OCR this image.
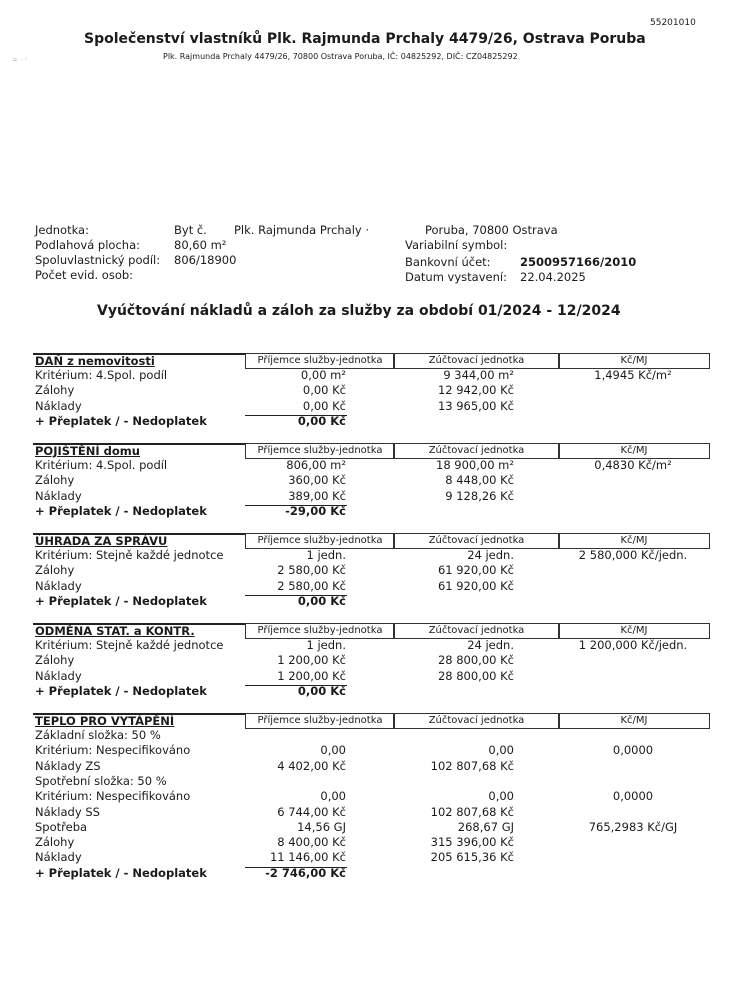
55201010
Společenství vlastníků Plk. Rajmunda Prchaly 4479/26, Ostrava Poruba
Plk. Rajmunda Prchaly 4479/26, 70800 Ostrava Poruba, IČ: 04825292, DIČ: CZ04825292
= · ᐟ
Jednotka:	Byt č. Plk. Rajmunda Prchaly ·
Podlahová plocha:	80,60 m²
Spoluvlastnický podíl: 806/18900
Počet evid. osob:
Poruba, 70800 Ostrava
Variabilní symbol:
Bankovní účet:	2500957166/2010
Datum vystavení: 22.04.2025
Vyúčtování nákladů a záloh za služby za období 01/2024 - 12/2024
DAŇ z nemovitosti	Příjemce služby-jednotka	Zúčtovací jednotka	Kč/MJ
Kritérium: 4.Spol. podíl	0,00 m²	9 344,00 m²	1,4945 Kč/m²
Zálohy	0,00 Kč	12 942,00 Kč
Náklady	0,00 Kč	13 965,00 Kč
+ Přeplatek / - Nedoplatek	0,00 Kč
POJIŠTĚNÍ domu	Příjemce služby-jednotka	Zúčtovací jednotka	Kč/MJ
Kritérium: 4.Spol. podíl	806,00 m²	18 900,00 m²	0,4830 Kč/m²
Zálohy	360,00 Kč	8 448,00 Kč
Náklady	389,00 Kč	9 128,26 Kč
+ Přeplatek / - Nedoplatek	-29,00 Kč
ÚHRADA ZA SPRÁVU	Příjemce služby-jednotka	Zúčtovací jednotka	Kč/MJ
Kritérium: Stejně každé jednotce	1 jedn.	24 jedn.	2 580,000 Kč/jedn.
Zálohy	2 580,00 Kč	61 920,00 Kč
Náklady	2 580,00 Kč	61 920,00 Kč
+ Přeplatek / - Nedoplatek	0,00 Kč
ODMĚNA STAT. a KONTR.	Příjemce služby-jednotka	Zúčtovací jednotka	Kč/MJ
Kritérium: Stejně každé jednotce	1 jedn.	24 jedn.	1 200,000 Kč/jedn.
Zálohy	1 200,00 Kč	28 800,00 Kč
Náklady	1 200,00 Kč	28 800,00 Kč
+ Přeplatek / - Nedoplatek	0,00 Kč
TEPLO PRO VYTÁPĚNÍ	Příjemce služby-jednotka	Zúčtovací jednotka	Kč/MJ
Základní složka: 50 %
Kritérium: Nespecifikováno	0,00	0,00	0,0000
Náklady ZS	4 402,00 Kč	102 807,68 Kč
Spotřební složka: 50 %
Kritérium: Nespecifikováno	0,00	0,00	0,0000
Náklady SS	6 744,00 Kč	102 807,68 Kč
Spotřeba	14,56 GJ	268,67 GJ	765,2983 Kč/GJ
Zálohy	8 400,00 Kč	315 396,00 Kč
Náklady	11 146,00 Kč	205 615,36 Kč
+ Přeplatek / - Nedoplatek	-2 746,00 Kč
